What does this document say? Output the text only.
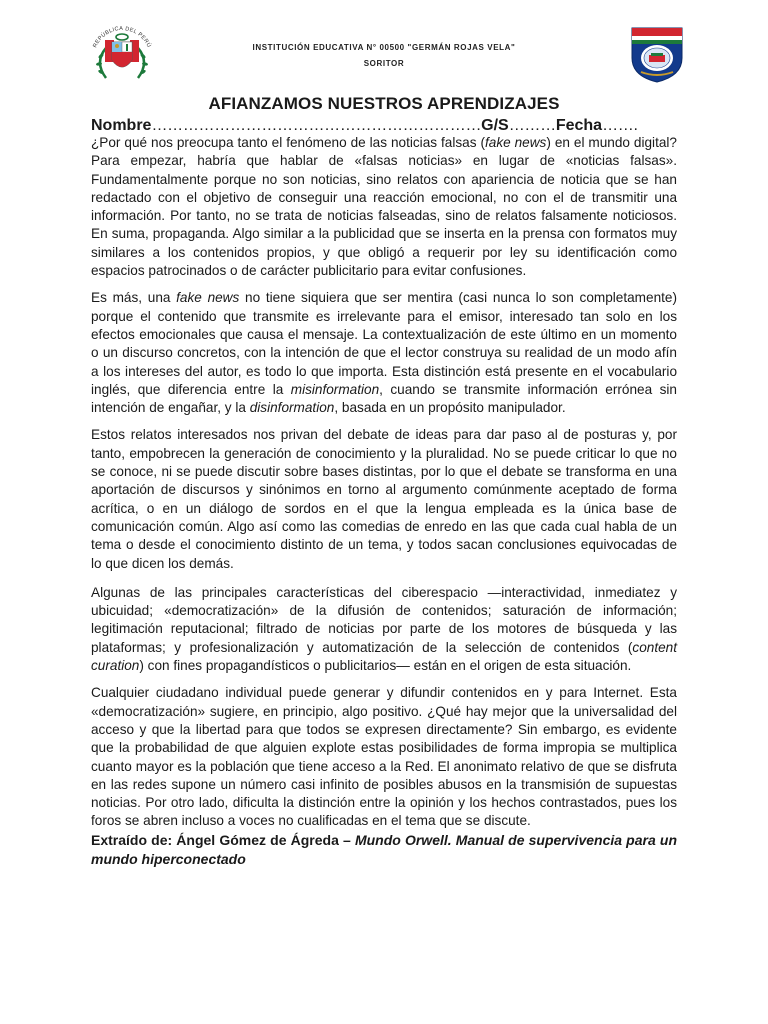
REPÚBLICA DEL PERÚ	INSTITUCIÓN EDUCATIVA N° 00500 "GERMÁN ROJAS VELA"
SORITOR
AFIANZAMOS NUESTROS APRENDIZAJES
Nombre………………………………………………………G/S………Fecha…….

¿Por qué nos preocupa tanto el fenómeno de las noticias falsas (fake news) en el mundo digital? Para empezar, habría que hablar de «falsas noticias» en lugar de «noticias falsas». Fundamentalmente porque no son noticias, sino relatos con apariencia de noticia que se han redactado con el objetivo de conseguir una reacción emocional, no con el de transmitir una información. Por tanto, no se trata de noticias falseadas, sino de relatos falsamente noticiosos. En suma, propaganda. Algo similar a la publicidad que se inserta en la prensa con formatos muy similares a los contenidos propios, y que obligó a requerir por ley su identificación como espacios patrocinados o de carácter publicitario para evitar confusiones.

Es más, una fake news no tiene siquiera que ser mentira (casi nunca lo son completamente) porque el contenido que transmite es irrelevante para el emisor, interesado tan solo en los efectos emocionales que causa el mensaje. La contextualización de este último en un momento o un discurso concretos, con la intención de que el lector construya su realidad de un modo afín a los intereses del autor, es todo lo que importa. Esta distinción está presente en el vocabulario inglés, que diferencia entre la misinformation, cuando se transmite información errónea sin intención de engañar, y la disinformation, basada en un propósito manipulador.

Estos relatos interesados nos privan del debate de ideas para dar paso al de posturas y, por tanto, empobrecen la generación de conocimiento y la pluralidad. No se puede criticar lo que no se conoce, ni se puede discutir sobre bases distintas, por lo que el debate se transforma en una aportación de discursos y sinónimos en torno al argumento comúnmente aceptado de forma acrítica, o en un diálogo de sordos en el que la lengua empleada es la única base de comunicación común. Algo así como las comedias de enredo en las que cada cual habla de un tema o desde el conocimiento distinto de un tema, y todos sacan conclusiones equivocadas de lo que dicen los demás.

Algunas de las principales características del ciberespacio —interactividad, inmediatez y ubicuidad; «democratización» de la difusión de contenidos; saturación de información; legitimación reputacional; filtrado de noticias por parte de los motores de búsqueda y las plataformas; y profesionalización y automatización de la selección de contenidos (content curation) con fines propagandísticos o publicitarios— están en el origen de esta situación.

Cualquier ciudadano individual puede generar y difundir contenidos en y para Internet. Esta «democratización» sugiere, en principio, algo positivo. ¿Qué hay mejor que la universalidad del acceso y que la libertad para que todos se expresen directamente? Sin embargo, es evidente que la probabilidad de que alguien explote estas posibilidades de forma impropia se multiplica cuanto mayor es la población que tiene acceso a la Red. El anonimato relativo de que se disfruta en las redes supone un número casi infinito de posibles abusos en la transmisión de supuestas noticias. Por otro lado, dificulta la distinción entre la opinión y los hechos contrastados, pues los foros se abren incluso a voces no cualificadas en el tema que se discute.
Extraído de: Ángel Gómez de Ágreda – Mundo Orwell. Manual de supervivencia para un mundo hiperconectado
